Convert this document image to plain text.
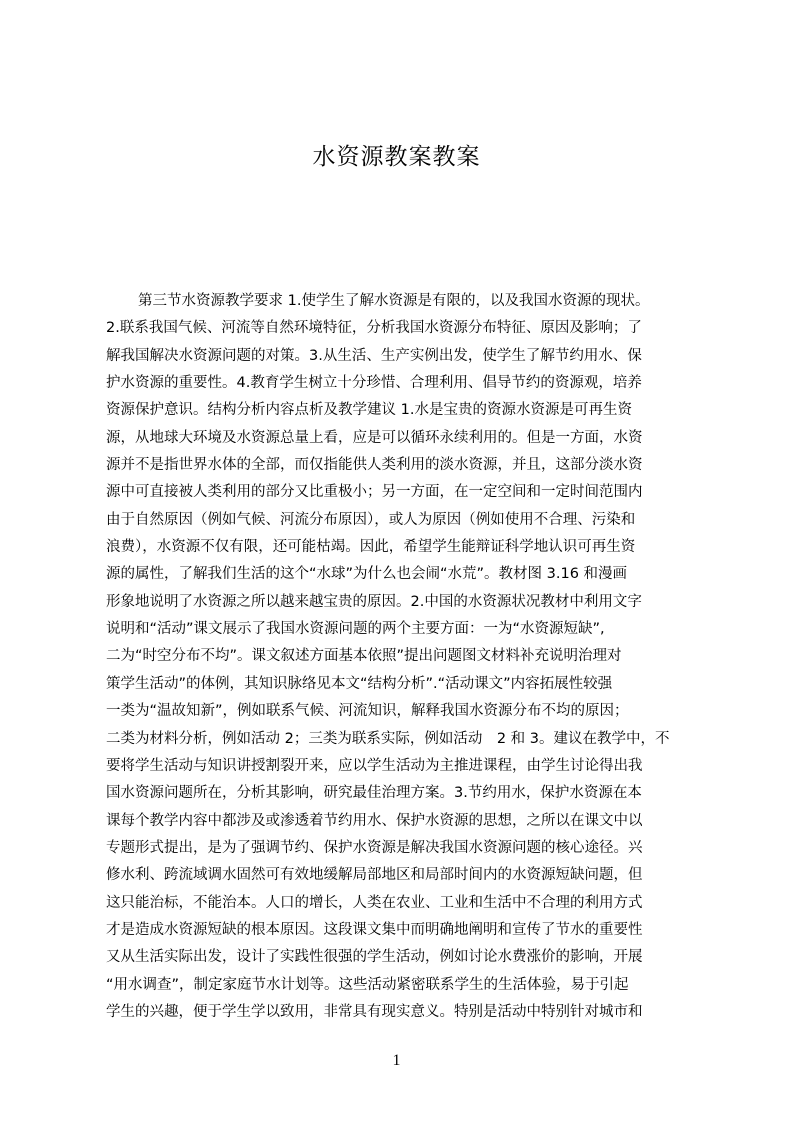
水资源教案教案
第三节水资源教学要求 1.使学生了解水资源是有限的，以及我国水资源的现状。
2.联系我国气候、河流等自然环境特征，分析我国水资源分布特征、原因及影响；了
解我国解决水资源问题的对策。3.从生活、生产实例出发，使学生了解节约用水、保
护水资源的重要性。4.教育学生树立十分珍惜、合理利用、倡导节约的资源观，培养
资源保护意识。结构分析内容点析及教学建议 1.水是宝贵的资源水资源是可再生资
源，从地球大环境及水资源总量上看，应是可以循环永续利用的。但是一方面，水资
源并不是指世界水体的全部，而仅指能供人类利用的淡水资源，并且，这部分淡水资
源中可直接被人类利用的部分又比重极小；另一方面，在一定空间和一定时间范围内
由于自然原因（例如气候、河流分布原因），或人为原因（例如使用不合理、污染和
浪费），水资源不仅有限，还可能枯竭。因此，希望学生能辩证科学地认识可再生资
源的属性，了解我们生活的这个“水球”为什么也会闹“水荒”。教材图 3.16 和漫画
形象地说明了水资源之所以越来越宝贵的原因。2.中国的水资源状况教材中利用文字
说明和“活动”课文展示了我国水资源问题的两个主要方面：一为“水资源短缺”,
二为“时空分布不均”。课文叙述方面基本依照”提出问题图文材料补充说明治理对
策学生活动”的体例，其知识脉络见本文“结构分析”.“活动课文”内容拓展性较强
一类为“温故知新”，例如联系气候、河流知识，解释我国水资源分布不均的原因；
二类为材料分析，例如活动 2；三类为联系实际，例如活动　2 和 3。建议在教学中，不
要将学生活动与知识讲授割裂开来，应以学生活动为主推进课程，由学生讨论得出我
国水资源问题所在，分析其影响，研究最佳治理方案。3.节约用水，保护水资源在本
课每个教学内容中都涉及或渗透着节约用水、保护水资源的思想，之所以在课文中以
专题形式提出，是为了强调节约、保护水资源是解决我国水资源问题的核心途径。兴
修水利、跨流域调水固然可有效地缓解局部地区和局部时间内的水资源短缺问题，但
这只能治标，不能治本。人口的增长，人类在农业、工业和生活中不合理的利用方式
才是造成水资源短缺的根本原因。这段课文集中而明确地阐明和宣传了节水的重要性
又从生活实际出发，设计了实践性很强的学生活动，例如讨论水费涨价的影响，开展
“用水调查”，制定家庭节水计划等。这些活动紧密联系学生的生活体验，易于引起
学生的兴趣，便于学生学以致用，非常具有现实意义。特别是活动中特别针对城市和
1
